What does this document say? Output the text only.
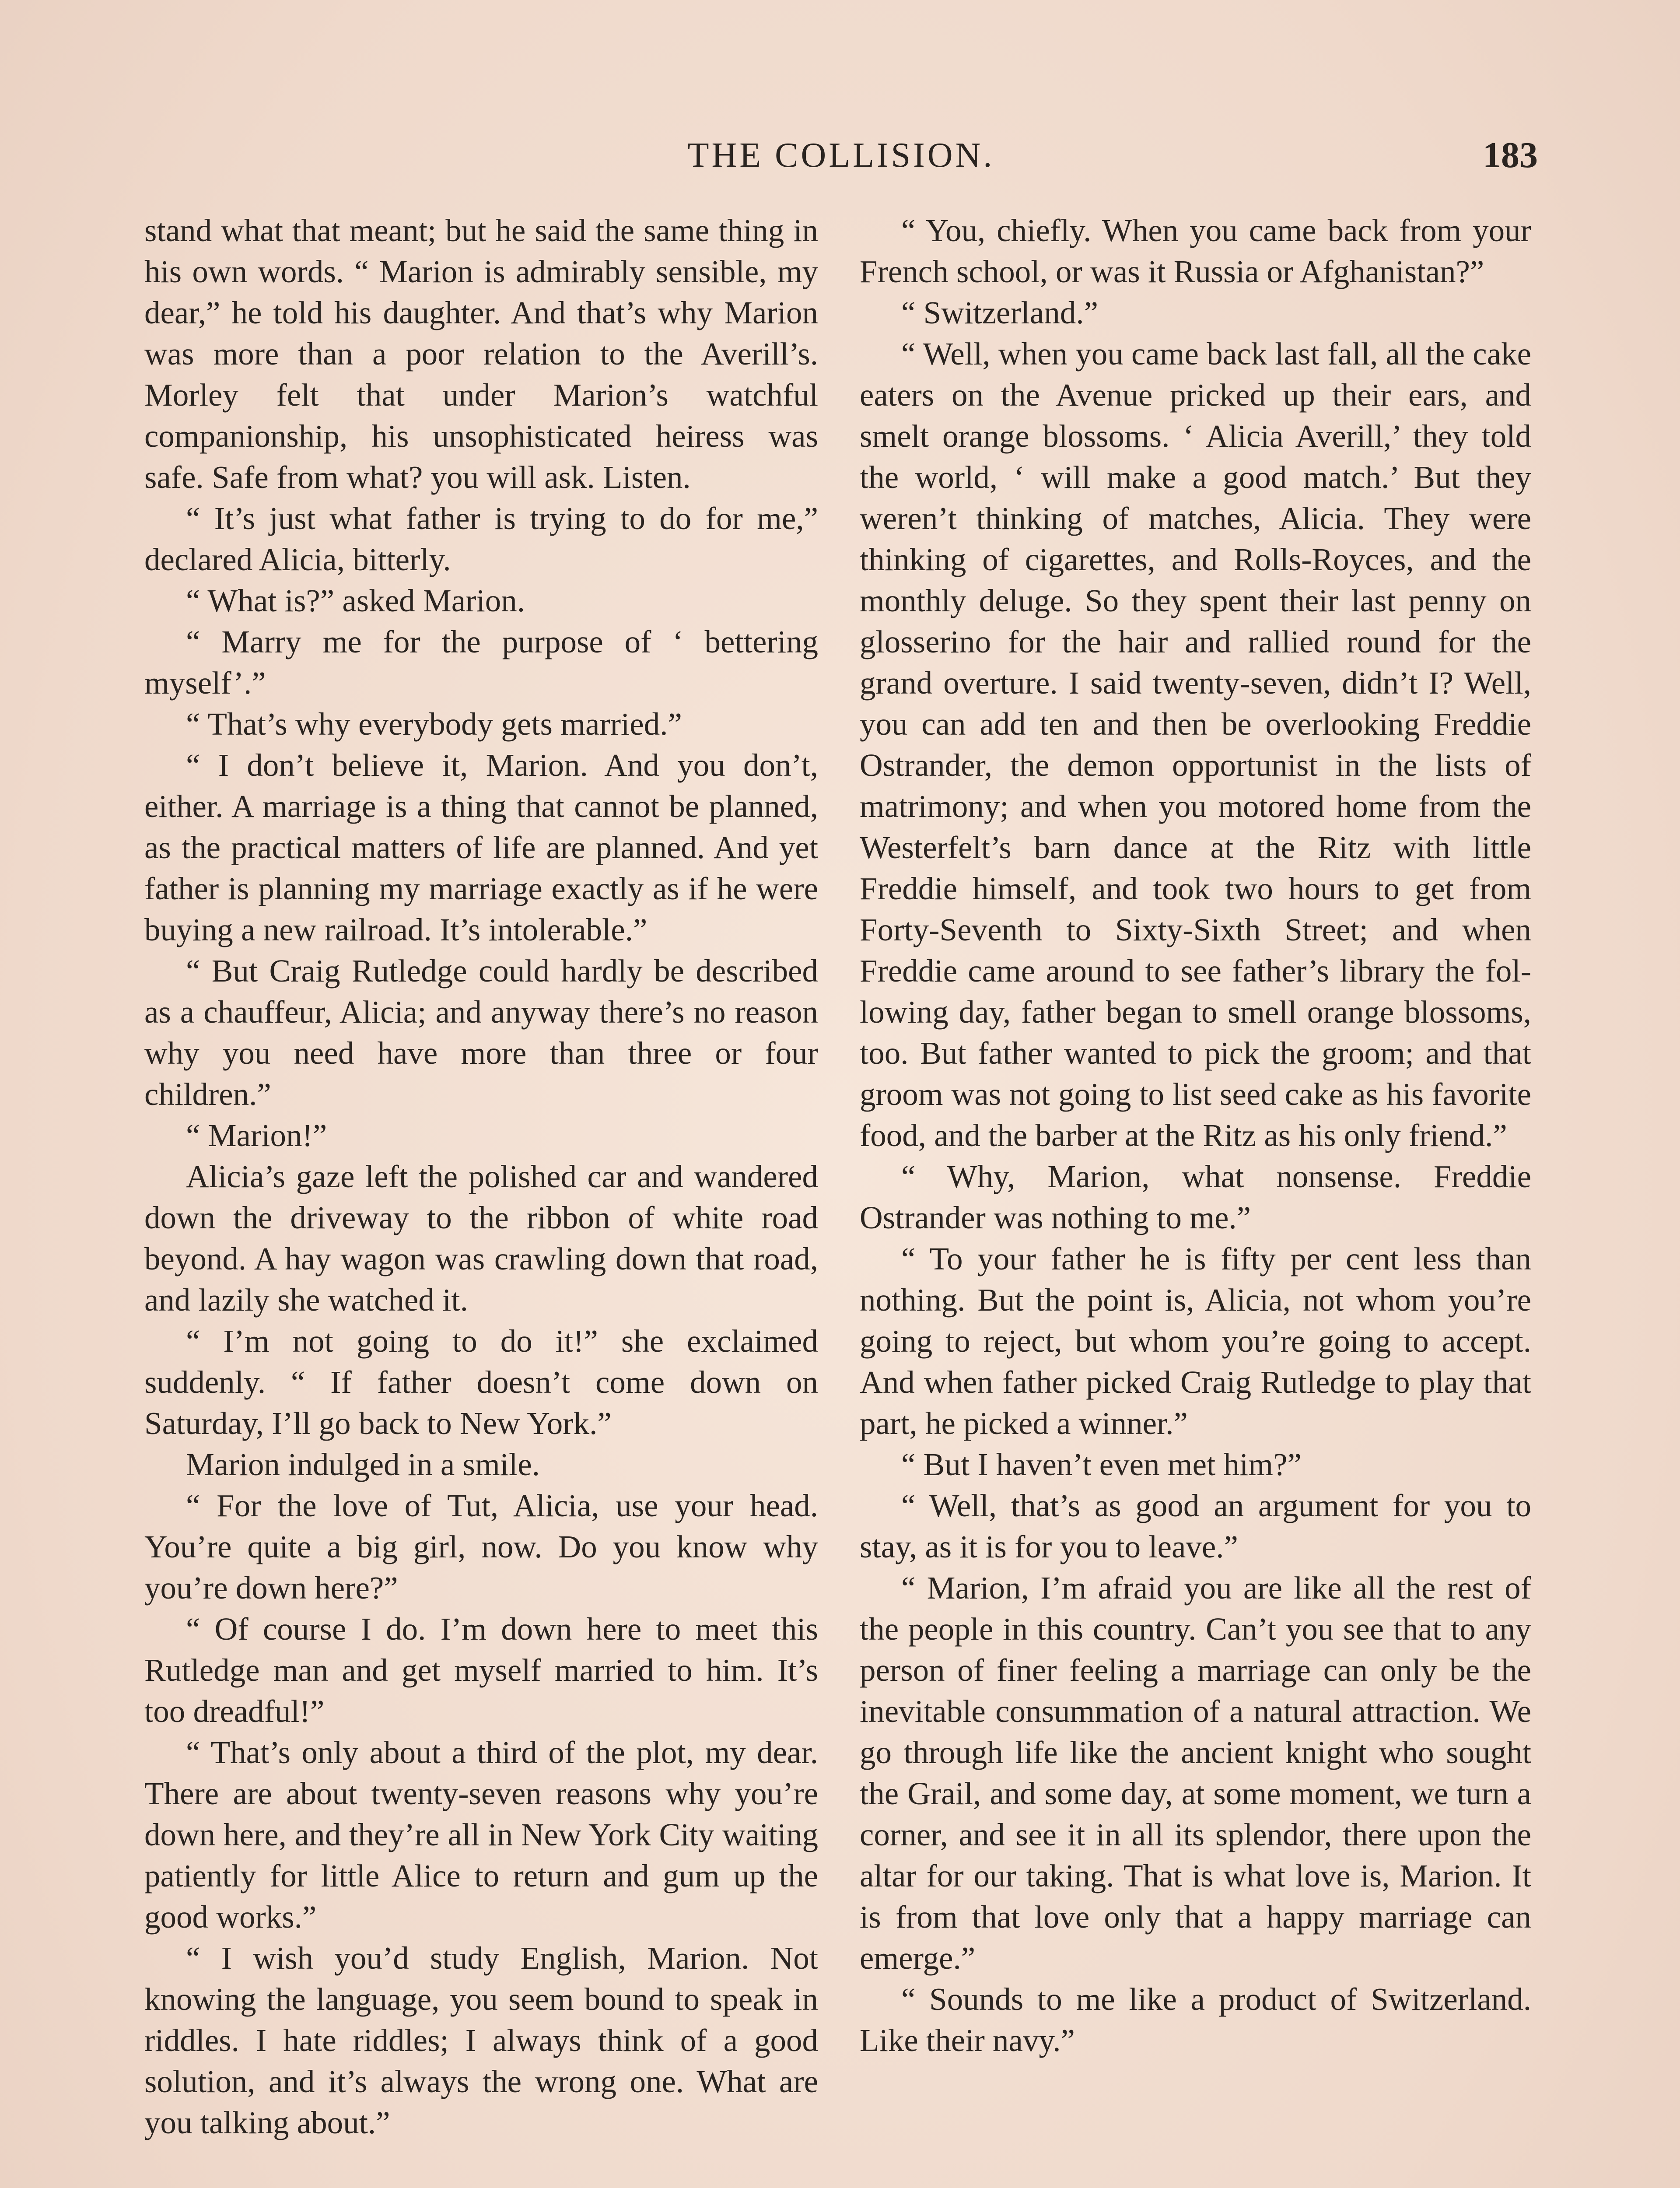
THE COLLISION.	183

stand what that meant; but he said the same thing in his own words. “ Marion is admirably sensible, my dear,” he told his daughter. And that’s why Marion was more than a poor relation to the Averill’s. Morley felt that under Marion’s watchful companionship, his unsophisticated heiress was safe. Safe from what? you will ask. Listen.

“ It’s just what father is trying to do for me,” declared Alicia, bitterly.

“ What is?” asked Marion.

“ Marry me for the purpose of ‘ bettering myself’.”

“ That’s why everybody gets married.”

“ I don’t believe it, Marion. And you don’t, either. A marriage is a thing that cannot be planned, as the practical matters of life are planned. And yet father is planning my marriage exactly as if he were buying a new railroad. It’s intolerable.”

“ But Craig Rutledge could hardly be described as a chauffeur, Alicia; and anyway there’s no reason why you need have more than three or four children.”

“ Marion!”

Alicia’s gaze left the polished car and wandered down the driveway to the ribbon of white road beyond. A hay wagon was crawling down that road, and lazily she watched it.

“ I’m not going to do it!” she exclaimed suddenly. “ If father doesn’t come down on Saturday, I’ll go back to New York.”

Marion indulged in a smile.

“ For the love of Tut, Alicia, use your head. You’re quite a big girl, now. Do you know why you’re down here?”

“ Of course I do. I’m down here to meet this Rutledge man and get myself married to him. It’s too dreadful!”

“ That’s only about a third of the plot, my dear. There are about twenty-seven reasons why you’re down here, and they’re all in New York City waiting patiently for little Alice to return and gum up the good works.”

“ I wish you’d study English, Marion. Not knowing the language, you seem bound to speak in riddles. I hate riddles; I always think of a good solution, and it’s always the wrong one. What are you talking about.”

“ You, chiefly. When you came back from your French school, or was it Russia or Afghanistan?”

“ Switzerland.”

“ Well, when you came back last fall, all the cake eaters on the Avenue pricked up their ears, and smelt orange blossoms. ‘ Alicia Averill,’ they told the world, ‘ will make a good match.’ But they weren’t thinking of matches, Alicia. They were thinking of cigarettes, and Rolls-Royces, and the monthly deluge. So they spent their last penny on glosserino for the hair and rallied round for the grand overture. I said twenty-seven, didn’t I? Well, you can add ten and then be overlooking Freddie Ostrander, the demon opportunist in the lists of matrimony; and when you motored home from the Westerfelt’s barn dance at the Ritz with little Freddie himself, and took two hours to get from Forty-Seventh to Sixty-Sixth Street; and when Freddie came around to see father’s library the following day, father began to smell orange blossoms, too. But father wanted to pick the groom; and that groom was not going to list seed cake as his favorite food, and the barber at the Ritz as his only friend.”

“ Why, Marion, what nonsense. Freddie Ostrander was nothing to me.”

“ To your father he is fifty per cent less than nothing. But the point is, Alicia, not whom you’re going to reject, but whom you’re going to accept. And when father picked Craig Rutledge to play that part, he picked a winner.”

“ But I haven’t even met him?”

“ Well, that’s as good an argument for you to stay, as it is for you to leave.”

“ Marion, I’m afraid you are like all the rest of the people in this country. Can’t you see that to any person of finer feeling a marriage can only be the inevitable consummation of a natural attraction. We go through life like the ancient knight who sought the Grail, and some day, at some moment, we turn a corner, and see it in all its splendor, there upon the altar for our taking. That is what love is, Marion. It is from that love only that a happy marriage can emerge.”

“ Sounds to me like a product of Switzerland. Like their navy.”
